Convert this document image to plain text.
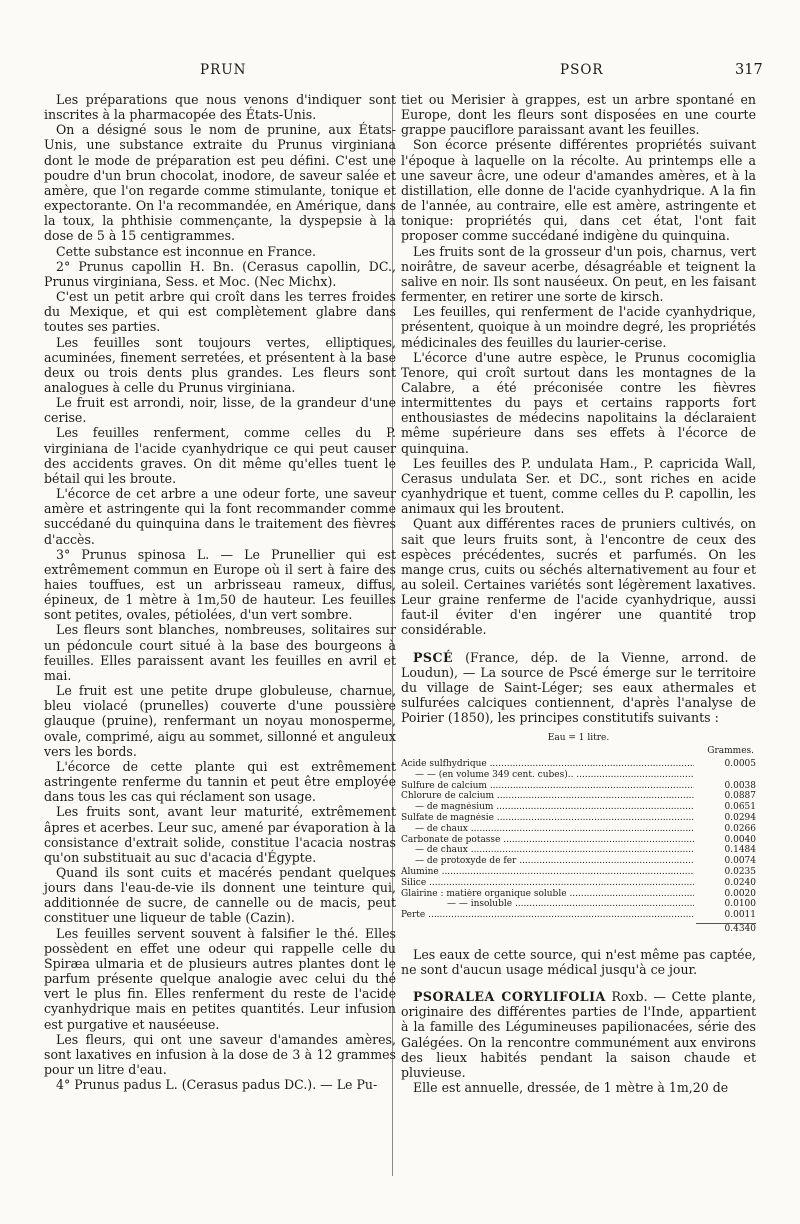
PRUN	PSOR	317

Les préparations que nous venons d'indiquer sont inscrites à la pharmacopée des États-Unis.

On a désigné sous le nom de prunine, aux États-Unis, une substance extraite du Prunus virginiana dont le mode de préparation est peu défini. C'est une poudre d'un brun chocolat, inodore, de saveur salée et amère, que l'on regarde comme stimulante, tonique et expectorante. On l'a recommandée, en Amérique, dans la toux, la phthisie commençante, la dyspepsie à la dose de 5 à 15 centigrammes.

Cette substance est inconnue en France.

2° Prunus capollin H. Bn. (Cerasus capollin, DC., Prunus virginiana, Sess. et Moc. (Nec Michx).

C'est un petit arbre qui croît dans les terres froides du Mexique, et qui est complètement glabre dans toutes ses parties.

Les feuilles sont toujours vertes, elliptiques, acuminées, finement serretées, et présentent à la base deux ou trois dents plus grandes. Les fleurs sont analogues à celle du Prunus virginiana.

Le fruit est arrondi, noir, lisse, de la grandeur d'une cerise.

Les feuilles renferment, comme celles du P. virginiana de l'acide cyanhydrique ce qui peut causer des accidents graves. On dit même qu'elles tuent le bétail qui les broute.

L'écorce de cet arbre a une odeur forte, une saveur amère et astringente qui la font recommander comme succédané du quinquina dans le traitement des fièvres d'accès.

3° Prunus spinosa L. — Le Prunellier qui est extrêmement commun en Europe où il sert à faire des haies touffues, est un arbrisseau rameux, diffus, épineux, de 1 mètre à 1m,50 de hauteur. Les feuilles sont petites, ovales, pétiolées, d'un vert sombre.

Les fleurs sont blanches, nombreuses, solitaires sur un pédoncule court situé à la base des bourgeons à feuilles. Elles paraissent avant les feuilles en avril et mai.

Le fruit est une petite drupe globuleuse, charnue, bleu violacé (prunelles) couverte d'une poussière glauque (pruine), renfermant un noyau monosperme, ovale, comprimé, aigu au sommet, sillonné et anguleux vers les bords.

L'écorce de cette plante qui est extrêmement astringente renferme du tannin et peut être employée dans tous les cas qui réclament son usage.

Les fruits sont, avant leur maturité, extrêmement âpres et acerbes. Leur suc, amené par évaporation à la consistance d'extrait solide, constitue l'acacia nostras qu'on substituait au suc d'acacia d'Égypte.

Quand ils sont cuits et macérés pendant quelques jours dans l'eau-de-vie ils donnent une teinture qui, additionnée de sucre, de cannelle ou de macis, peut constituer une liqueur de table (Cazin).

Les feuilles servent souvent à falsifier le thé. Elles possèdent en effet une odeur qui rappelle celle du Spiræa ulmaria et de plusieurs autres plantes dont le parfum présente quelque analogie avec celui du thé vert le plus fin. Elles renferment du reste de l'acide cyanhydrique mais en petites quantités. Leur infusion est purgative et nauséeuse.

Les fleurs, qui ont une saveur d'amandes amères, sont laxatives en infusion à la dose de 3 à 12 grammes pour un litre d'eau.

4° Prunus padus L. (Cerasus padus DC.). — Le Pu-

tiet ou Merisier à grappes, est un arbre spontané en Europe, dont les fleurs sont disposées en une courte grappe pauciflore paraissant avant les feuilles.

Son écorce présente différentes propriétés suivant l'époque à laquelle on la récolte. Au printemps elle a une saveur âcre, une odeur d'amandes amères, et à la distillation, elle donne de l'acide cyanhydrique. A la fin de l'année, au contraire, elle est amère, astringente et tonique: propriétés qui, dans cet état, l'ont fait proposer comme succédané indigène du quinquina.

Les fruits sont de la grosseur d'un pois, charnus, vert noirâtre, de saveur acerbe, désagréable et teignent la salive en noir. Ils sont nauséeux. On peut, en les faisant fermenter, en retirer une sorte de kirsch.

Les feuilles, qui renferment de l'acide cyanhydrique, présentent, quoique à un moindre degré, les propriétés médicinales des feuilles du laurier-cerise.

L'écorce d'une autre espèce, le Prunus cocomiglia Tenore, qui croît surtout dans les montagnes de la Calabre, a été préconisée contre les fièvres intermittentes du pays et certains rapports fort enthousiastes de médecins napolitains la déclaraient même supérieure dans ses effets à l'écorce de quinquina.

Les feuilles des P. undulata Ham., P. capricida Wall, Cerasus undulata Ser. et DC., sont riches en acide cyanhydrique et tuent, comme celles du P. capollin, les animaux qui les broutent.

Quant aux différentes races de pruniers cultivés, on sait que leurs fruits sont, à l'encontre de ceux des espèces précédentes, sucrés et parfumés. On les mange crus, cuits ou séchés alternativement au four et au soleil. Certaines variétés sont légèrement laxatives. Leur graine renferme de l'acide cyanhydrique, aussi faut-il éviter d'en ingérer une quantité trop considérable.

PSCÉ (France, dép. de la Vienne, arrond. de Loudun), — La source de Pscé émerge sur le territoire du village de Saint-Léger; ses eaux athermales et sulfurées calciques contiennent, d'après l'analyse de Poirier (1850), les principes constitutifs suivants :

Eau = 1 litre.
Grammes.
Acide sulfhydrique .....	0.0005
— — (en volume 349 cent. cubes).. .....
Sulfure de calcium .....	0.0038
Chlorure de calcium .....	0.0887
— de magnésium .....	0.0651
Sulfate de magnésie .....	0.0294
— de chaux .....	0.0266
Carbonate de potasse .....	0.0040
— de chaux .....	0.1484
— de protoxyde de fer .....	0.0074
Alumine .....	0.0235
Silice .....	0.0240
Glairine : matière organique soluble .....	0.0020
— — insoluble .....	0.0100
Perte .....	0.0011
0.4340

Les eaux de cette source, qui n'est même pas captée, ne sont d'aucun usage médical jusqu'à ce jour.

PSORALEA CORYLIFOLIA Roxb. — Cette plante, originaire des différentes parties de l'Inde, appartient à la famille des Légumineuses papilionacées, série des Galégées. On la rencontre communément aux environs des lieux habités pendant la saison chaude et pluvieuse.

Elle est annuelle, dressée, de 1 mètre à 1m,20 de
